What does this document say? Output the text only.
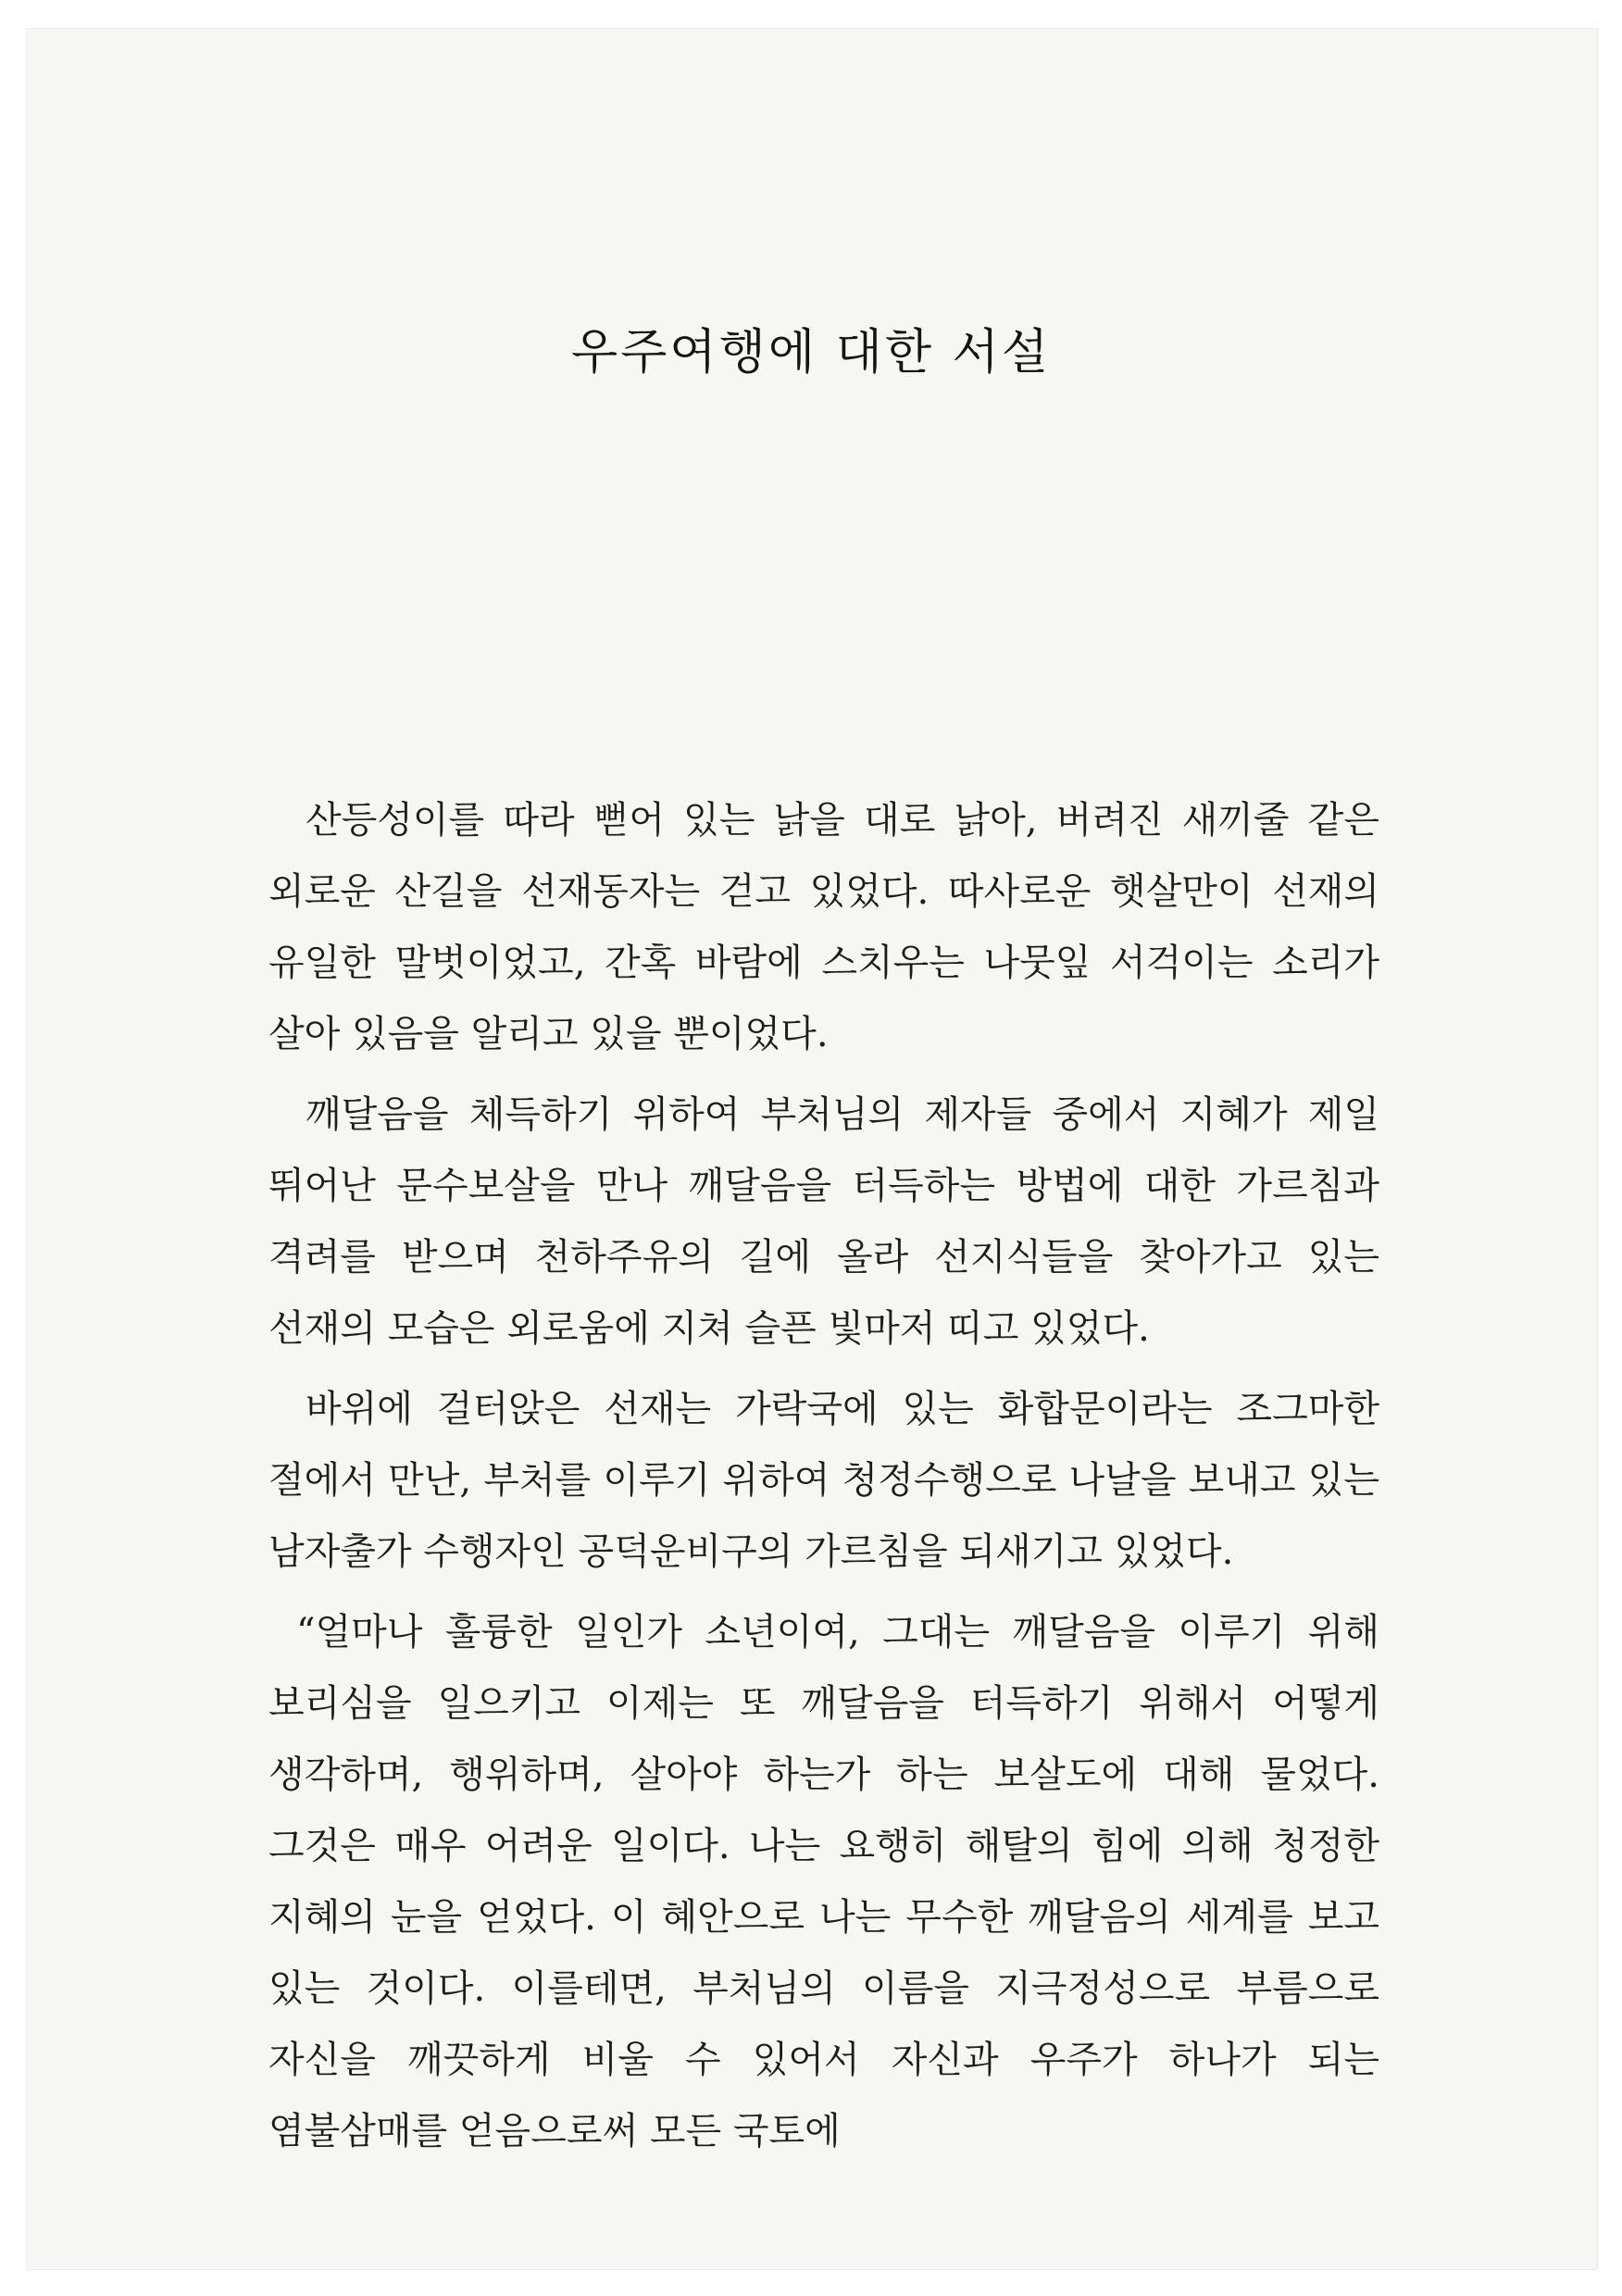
우주여행에 대한 서설

산등성이를 따라 뻗어 있는 낡을 대로 낡아, 버려진 새끼줄 같은 외로운 산길을 선재동자는 걷고 있었다. 따사로운 햇살만이 선재의 유일한 말벗이었고, 간혹 바람에 스치우는 나뭇잎 서걱이는 소리가 살아 있음을 알리고 있을 뿐이었다.

깨달음을 체득하기 위하여 부처님의 제자들 중에서 지혜가 제일 뛰어난 문수보살을 만나 깨달음을 터득하는 방법에 대한 가르침과 격려를 받으며 천하주유의 길에 올라 선지식들을 찾아가고 있는 선재의 모습은 외로움에 지쳐 슬픈 빛마저 띠고 있었다.

바위에 걸터앉은 선재는 가락국에 있는 화합문이라는 조그마한 절에서 만난, 부처를 이루기 위하여 청정수행으로 나날을 보내고 있는 남자출가 수행자인 공덕운비구의 가르침을 되새기고 있었다.

“얼마나 훌륭한 일인가 소년이여, 그대는 깨달음을 이루기 위해 보리심을 일으키고 이제는 또 깨달음을 터득하기 위해서 어떻게 생각하며, 행위하며, 살아야 하는가 하는 보살도에 대해 물었다. 그것은 매우 어려운 일이다. 나는 요행히 해탈의 힘에 의해 청정한 지혜의 눈을 얻었다. 이 혜안으로 나는 무수한 깨달음의 세계를 보고 있는 것이다. 이를테면, 부처님의 이름을 지극정성으로 부름으로 자신을 깨끗하게 비울 수 있어서 자신과 우주가 하나가 되는 염불삼매를 얻음으로써 모든 국토에
